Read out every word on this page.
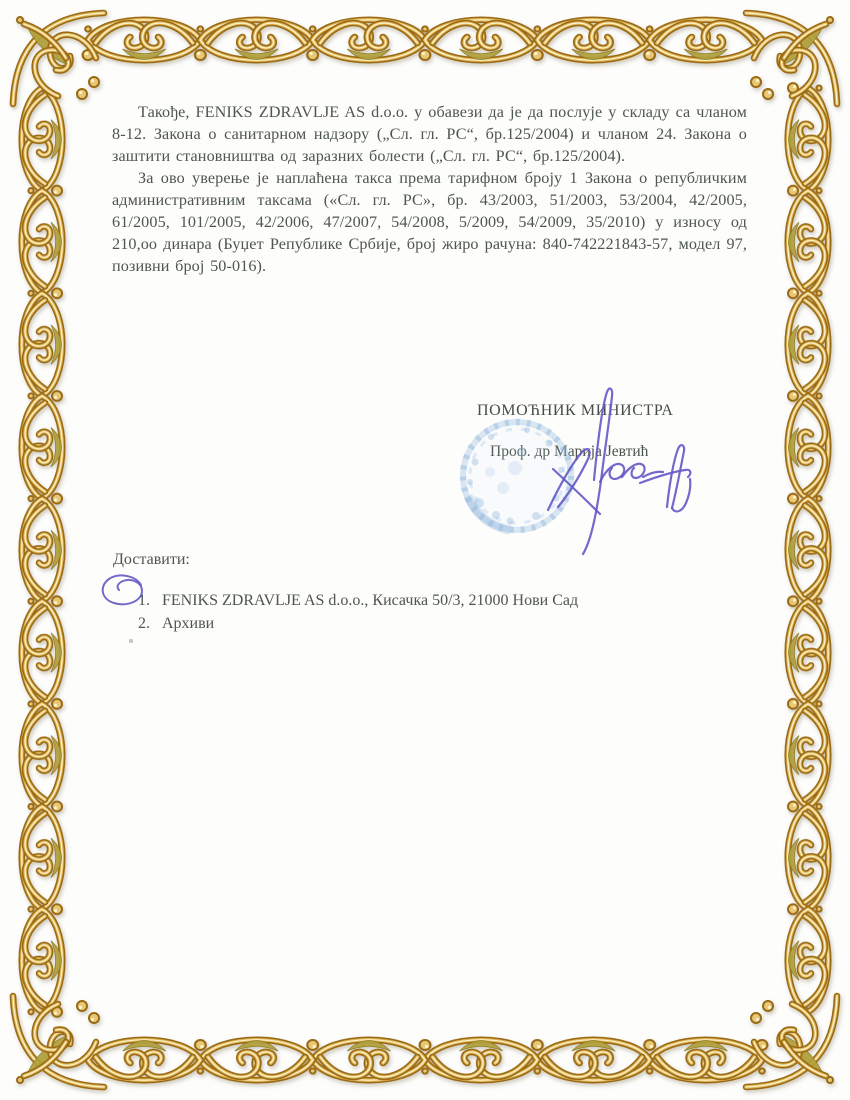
Такође, FENIKS ZDRAVLJE AS d.o.o. у обавези да је да послује у складу са чланом 8-12. Закона о санитарном надзору („Сл. гл. РС“, бр.125/2004) и чланом 24. Закона о заштити становништва од заразних болести („Сл. гл. РС“, бр.125/2004).

За ово уверење је наплаћена такса према тарифном броју 1 Закона о републичким административним таксама («Сл. гл. РС», бр. 43/2003, 51/2003, 53/2004, 42/2005, 61/2005, 101/2005, 42/2006, 47/2007, 54/2008, 5/2009, 54/2009, 35/2010) у износу од 210,оо динара (Буџет Републике Србије, број жиро рачуна: 840-742221843-57, модел 97, позивни број 50-016).

ПОМОЋНИК МИНИСТРА
Проф. др Марија Јевтић

Доставити:

1. FENIKS ZDRAVLJE AS d.o.o., Кисачка 50/3, 21000 Нови Сад
2. Архиви
